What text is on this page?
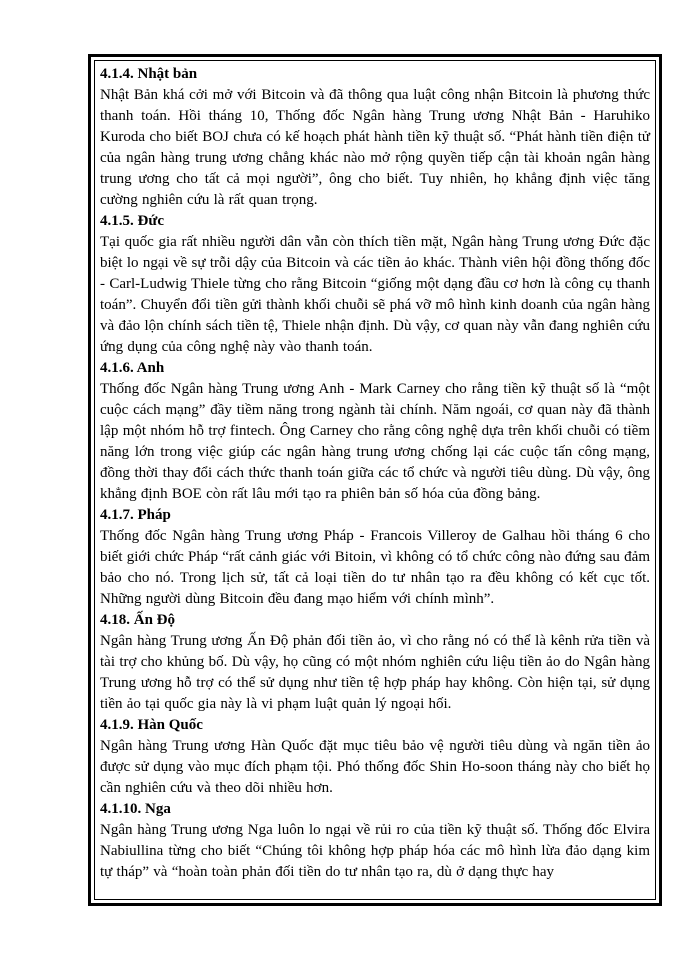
4.1.4. Nhật bản

Nhật Bản khá cởi mở với Bitcoin và đã thông qua luật công nhận Bitcoin là phương thức thanh toán. Hồi tháng 10, Thống đốc Ngân hàng Trung ương Nhật Bản - Haruhiko Kuroda cho biết BOJ chưa có kế hoạch phát hành tiền kỹ thuật số. “Phát hành tiền điện tử của ngân hàng trung ương chẳng khác nào mở rộng quyền tiếp cận tài khoản ngân hàng trung ương cho tất cả mọi người”, ông cho biết. Tuy nhiên, họ khẳng định việc tăng cường nghiên cứu là rất quan trọng.

4.1.5. Đức

Tại quốc gia rất nhiều người dân vẫn còn thích tiền mặt, Ngân hàng Trung ương Đức đặc biệt lo ngại về sự trỗi dậy của Bitcoin và các tiền ảo khác. Thành viên hội đồng thống đốc - Carl-Ludwig Thiele từng cho rằng Bitcoin “giống một dạng đầu cơ hơn là công cụ thanh toán”. Chuyển đổi tiền gửi thành khối chuỗi sẽ phá vỡ mô hình kinh doanh của ngân hàng và đảo lộn chính sách tiền tệ, Thiele nhận định. Dù vậy, cơ quan này vẫn đang nghiên cứu ứng dụng của công nghệ này vào thanh toán.

4.1.6. Anh

Thống đốc Ngân hàng Trung ương Anh - Mark Carney cho rằng tiền kỹ thuật số là “một cuộc cách mạng” đầy tiềm năng trong ngành tài chính. Năm ngoái, cơ quan này đã thành lập một nhóm hỗ trợ fintech. Ông Carney cho rằng công nghệ dựa trên khối chuỗi có tiềm năng lớn trong việc giúp các ngân hàng trung ương chống lại các cuộc tấn công mạng, đồng thời thay đổi cách thức thanh toán giữa các tổ chức và người tiêu dùng. Dù vậy, ông khẳng định BOE còn rất lâu mới tạo ra phiên bản số hóa của đồng bảng.

4.1.7. Pháp

Thống đốc Ngân hàng Trung ương Pháp - Francois Villeroy de Galhau hồi tháng 6 cho biết giới chức Pháp “rất cảnh giác với Bitoin, vì không có tổ chức công nào đứng sau đảm bảo cho nó. Trong lịch sử, tất cả loại tiền do tư nhân tạo ra đều không có kết cục tốt. Những người dùng Bitcoin đều đang mạo hiểm với chính mình”.

4.18. Ấn Độ

Ngân hàng Trung ương Ấn Độ phản đối tiền ảo, vì cho rằng nó có thể là kênh rửa tiền và tài trợ cho khủng bố. Dù vậy, họ cũng có một nhóm nghiên cứu liệu tiền ảo do Ngân hàng Trung ương hỗ trợ có thể sử dụng như tiền tệ hợp pháp hay không. Còn hiện tại, sử dụng tiền ảo tại quốc gia này là vi phạm luật quản lý ngoại hối.

4.1.9. Hàn Quốc

Ngân hàng Trung ương Hàn Quốc đặt mục tiêu bảo vệ người tiêu dùng và ngăn tiền ảo được sử dụng vào mục đích phạm tội. Phó thống đốc Shin Ho-soon tháng này cho biết họ cần nghiên cứu và theo dõi nhiều hơn.

4.1.10. Nga

Ngân hàng Trung ương Nga luôn lo ngại về rủi ro của tiền kỹ thuật số. Thống đốc Elvira Nabiullina từng cho biết “Chúng tôi không hợp pháp hóa các mô hình lừa đảo dạng kim tự tháp” và “hoàn toàn phản đối tiền do tư nhân tạo ra, dù ở dạng thực hay
